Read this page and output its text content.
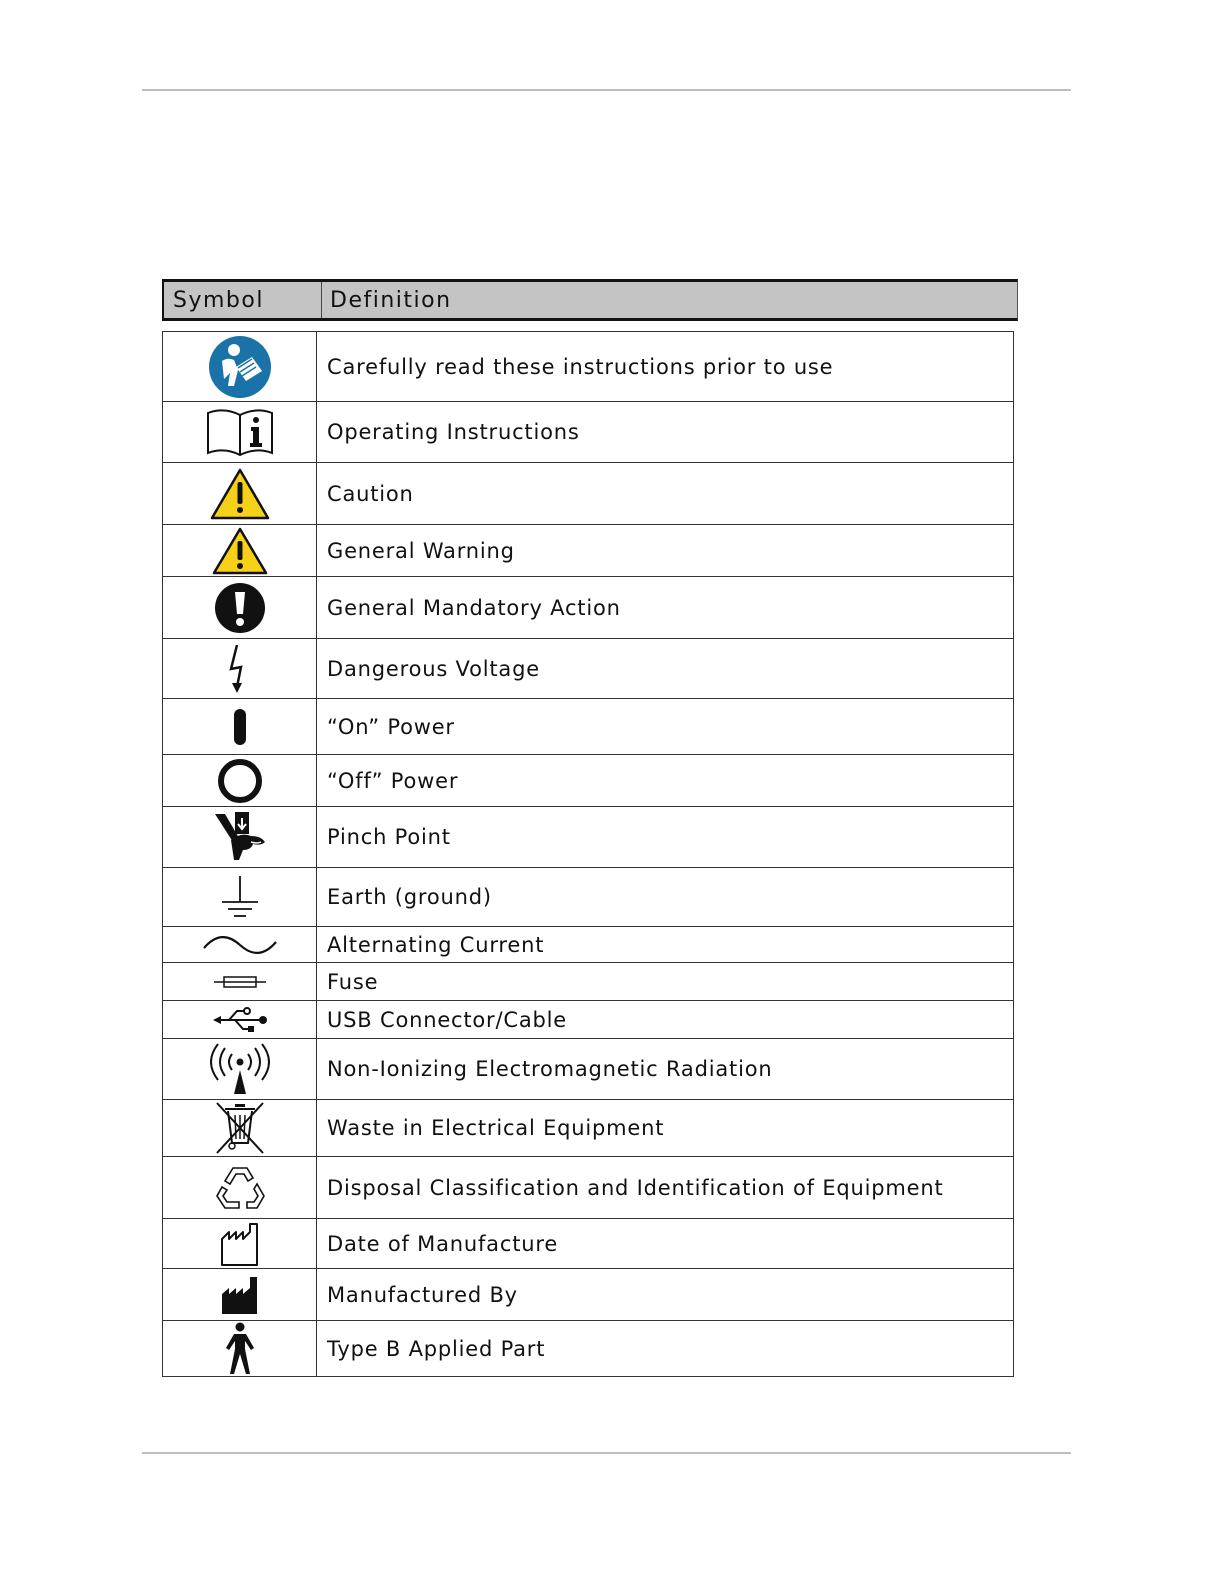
Symbol	Definition
	Carefully read these instructions prior to use

	Operating Instructions

	Caution

	General Warning

	General Mandatory Action

	Dangerous Voltage

	“On” Power

	“Off” Power

	Pinch Point

	Earth (ground)

	Alternating Current

	Fuse

	USB Connector/Cable

	Non-Ionizing Electromagnetic Radiation

	Waste in Electrical Equipment

	Disposal Classification and Identification of Equipment

	Date of Manufacture

	Manufactured By

	Type B Applied Part
